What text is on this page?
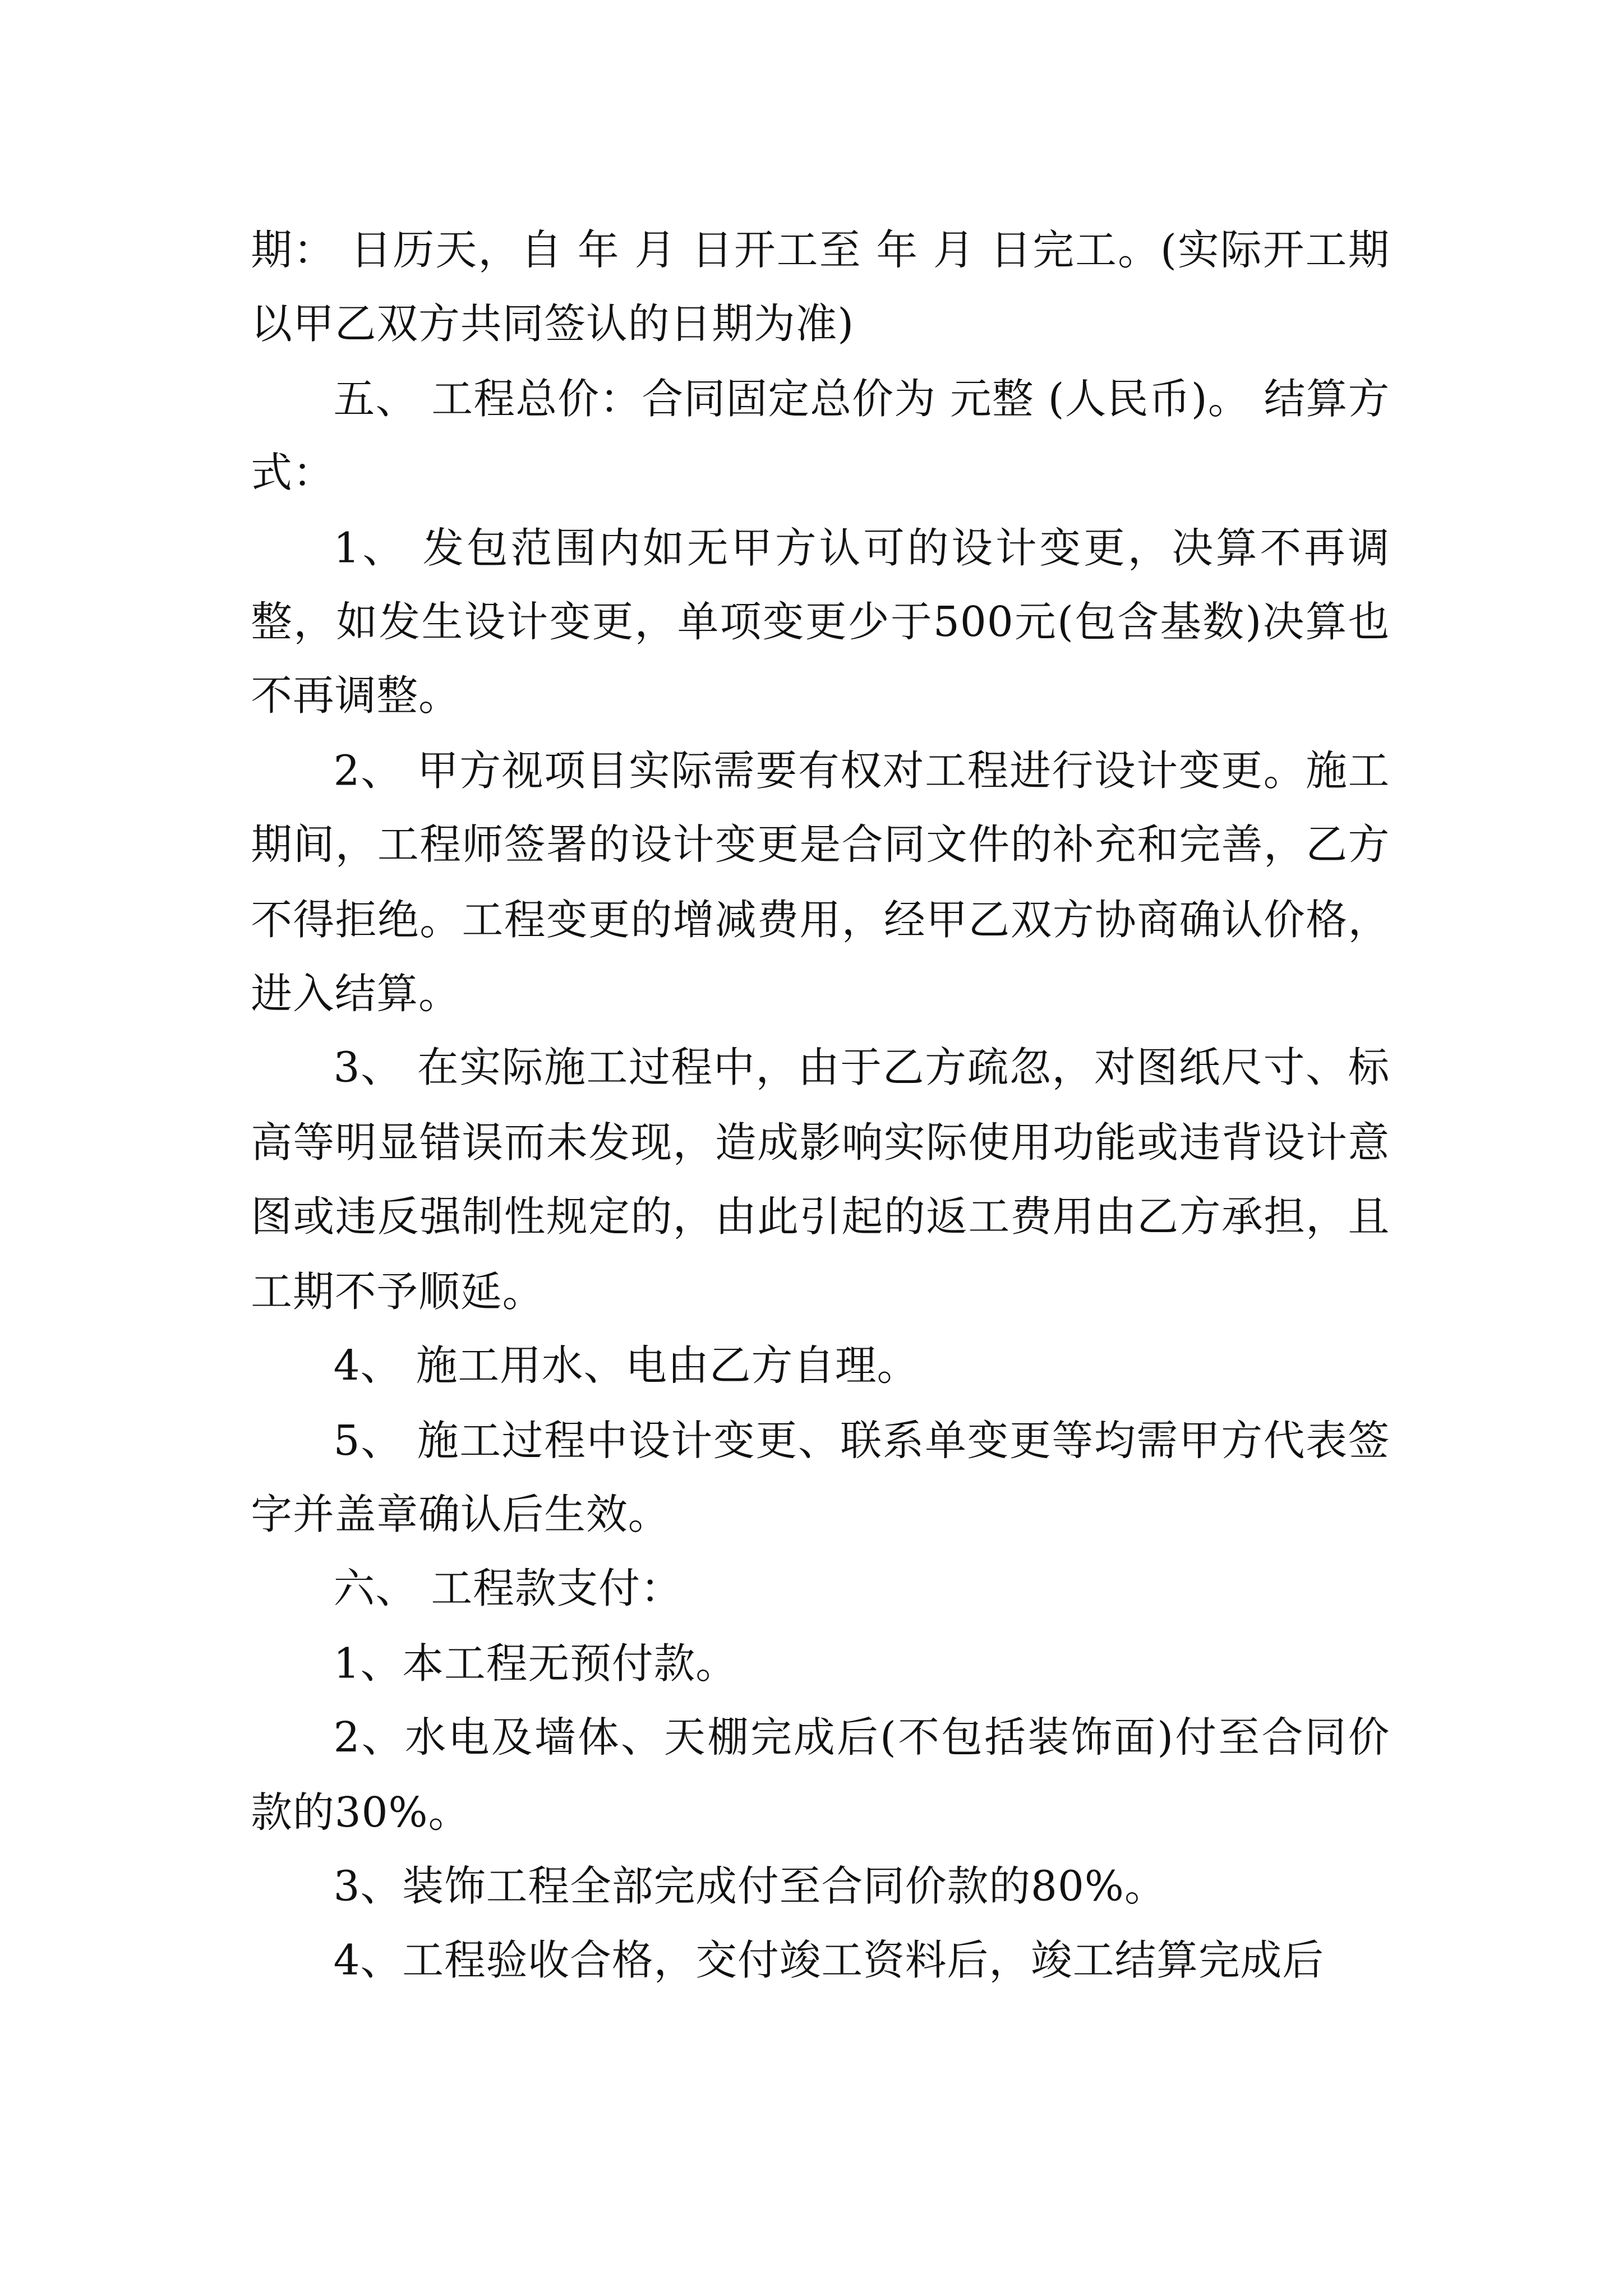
期： 日历天，自 年 月 日开工至 年 月 日完工。(实际开工期以甲乙双方共同签认的日期为准)

五、 工程总价：合同固定总价为 元整 (人民币)。 结算方式：

1、 发包范围内如无甲方认可的设计变更，决算不再调整，如发生设计变更，单项变更少于500元(包含基数)决算也不再调整。

2、 甲方视项目实际需要有权对工程进行设计变更。施工期间，工程师签署的设计变更是合同文件的补充和完善，乙方不得拒绝。工程变更的增减费用，经甲乙双方协商确认价格，进入结算。

3、 在实际施工过程中，由于乙方疏忽，对图纸尺寸、标高等明显错误而未发现，造成影响实际使用功能或违背设计意图或违反强制性规定的，由此引起的返工费用由乙方承担，且工期不予顺延。

4、 施工用水、电由乙方自理。

5、 施工过程中设计变更、联系单变更等均需甲方代表签字并盖章确认后生效。

六、 工程款支付：

1、本工程无预付款。

2、水电及墙体、天棚完成后(不包括装饰面)付至合同价款的30%。

3、装饰工程全部完成付至合同价款的80%。

4、工程验收合格，交付竣工资料后，竣工结算完成后
